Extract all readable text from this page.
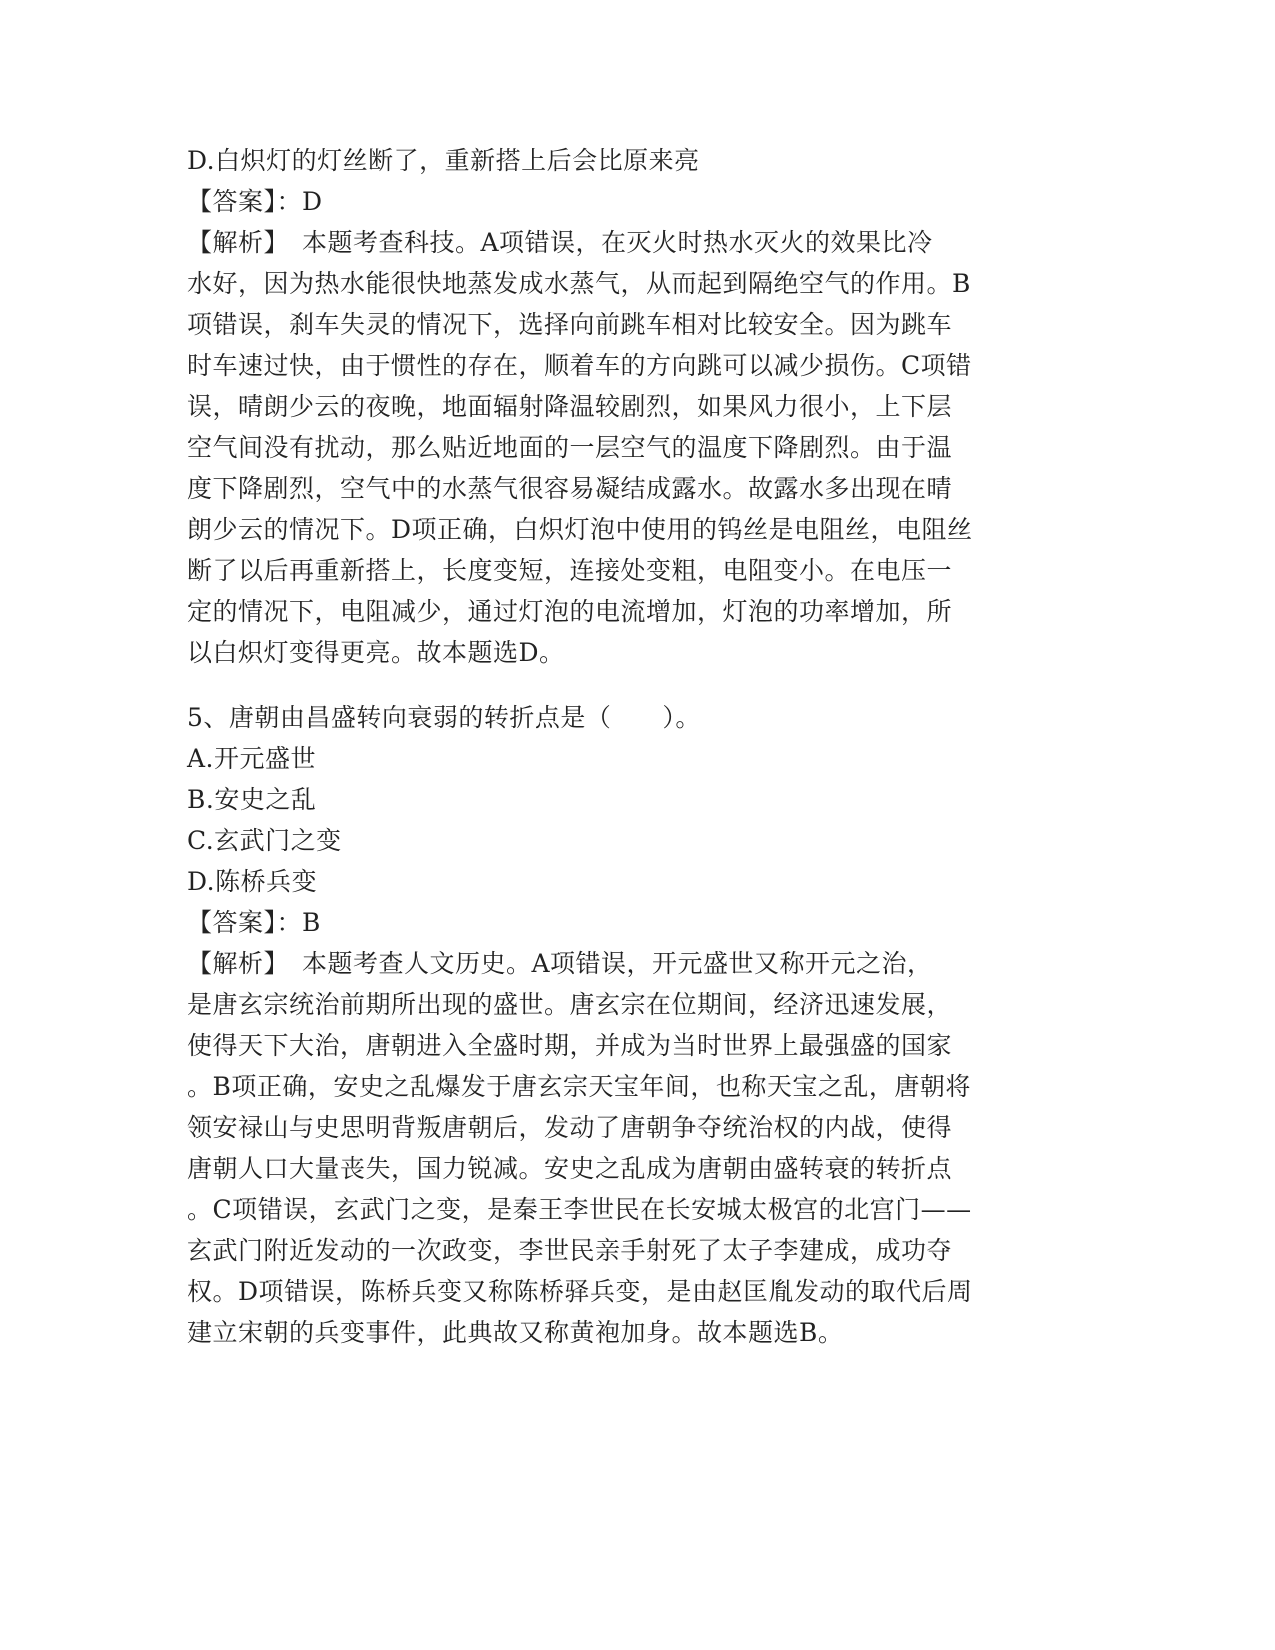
D.白炽灯的灯丝断了，重新搭上后会比原来亮
【答案】：D
【解析】　本题考查科技。A项错误，在灭火时热水灭火的效果比冷
水好，因为热水能很快地蒸发成水蒸气，从而起到隔绝空气的作用。B
项错误，刹车失灵的情况下，选择向前跳车相对比较安全。因为跳车
时车速过快，由于惯性的存在，顺着车的方向跳可以减少损伤。C项错
误，晴朗少云的夜晚，地面辐射降温较剧烈，如果风力很小，上下层
空气间没有扰动，那么贴近地面的一层空气的温度下降剧烈。由于温
度下降剧烈，空气中的水蒸气很容易凝结成露水。故露水多出现在晴
朗少云的情况下。D项正确，白炽灯泡中使用的钨丝是电阻丝，电阻丝
断了以后再重新搭上，长度变短，连接处变粗，电阻变小。在电压一
定的情况下，电阻减少，通过灯泡的电流增加，灯泡的功率增加，所
以白炽灯变得更亮。故本题选D。
5、唐朝由昌盛转向衰弱的转折点是（　　）。
A.开元盛世
B.安史之乱
C.玄武门之变
D.陈桥兵变
【答案】：B
【解析】　本题考查人文历史。A项错误，开元盛世又称开元之治，
是唐玄宗统治前期所出现的盛世。唐玄宗在位期间，经济迅速发展，
使得天下大治，唐朝进入全盛时期，并成为当时世界上最强盛的国家
。B项正确，安史之乱爆发于唐玄宗天宝年间，也称天宝之乱，唐朝将
领安禄山与史思明背叛唐朝后，发动了唐朝争夺统治权的内战，使得
唐朝人口大量丧失，国力锐减。安史之乱成为唐朝由盛转衰的转折点
。C项错误，玄武门之变，是秦王李世民在长安城太极宫的北宫门——
玄武门附近发动的一次政变，李世民亲手射死了太子李建成，成功夺
权。D项错误，陈桥兵变又称陈桥驿兵变，是由赵匡胤发动的取代后周
建立宋朝的兵变事件，此典故又称黄袍加身。故本题选B。
